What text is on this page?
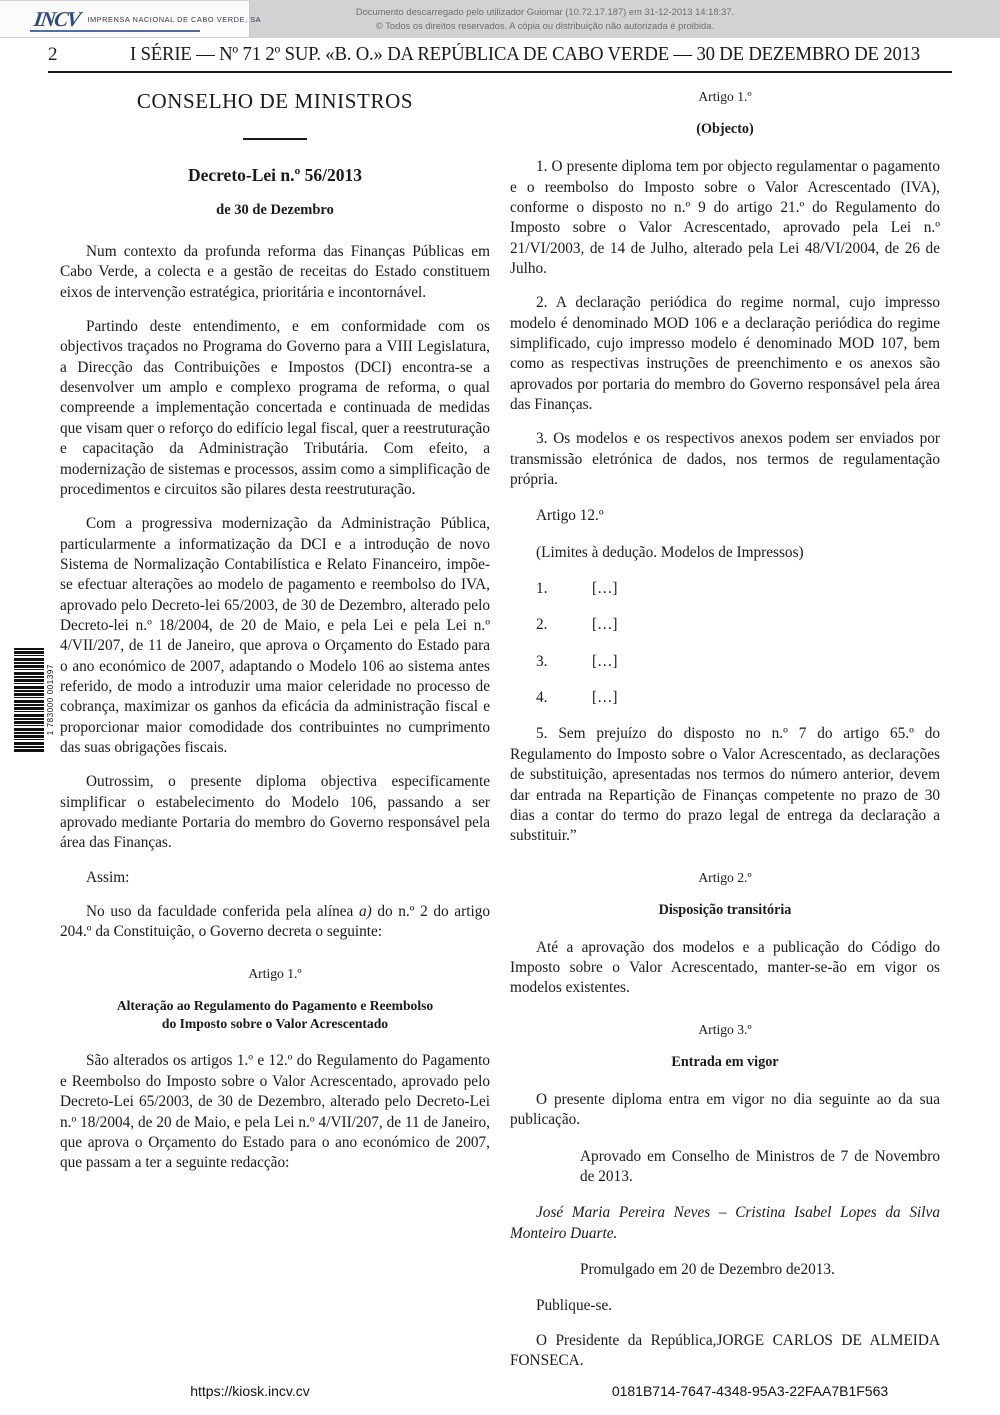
INCV IMPRENSA NACIONAL DE CABO VERDE, SA
Documento descarregado pelo utilizador Guiomar (10.72.17.187) em 31-12-2013 14:18:37.
© Todos os direitos reservados. A cópia ou distribuição não autorizada é proibida.
2	I SÉRIE — Nº 71 2º SUP. «B. O.» DA REPÚBLICA DE CABO VERDE — 30 DE DEZEMBRO DE 2013
1 783000 001397
CONSELHO DE MINISTROS
Decreto-Lei n.º 56/2013
de 30 de Dezembro

Num contexto da profunda reforma das Finanças Públicas em Cabo Verde, a colecta e a gestão de receitas do Estado constituem eixos de intervenção estratégica, prioritária e incontornável.

Partindo deste entendimento, e em conformidade com os objectivos traçados no Programa do Governo para a VIII Legislatura, a Direcção das Contribuições e Impostos (DCI) encontra-se a desenvolver um amplo e complexo programa de reforma, o qual compreende a implementação concertada e continuada de medidas que visam quer o reforço do edifício legal fiscal, quer a reestruturação e capacitação da Administração Tributária. Com efeito, a modernização de sistemas e processos, assim como a simplificação de procedimentos e circuitos são pilares desta reestruturação.

Com a progressiva modernização da Administração Pública, particularmente a informatização da DCI e a introdução de novo Sistema de Normalização Contabilística e Relato Financeiro, impõe-se efectuar alterações ao modelo de pagamento e reembolso do IVA, aprovado pelo Decreto-lei 65/2003, de 30 de Dezembro, alterado pelo Decreto-lei n.º 18/2004, de 20 de Maio, e pela Lei e pela Lei n.º 4/VII/207, de 11 de Janeiro, que aprova o Orçamento do Estado para o ano económico de 2007, adaptando o Modelo 106 ao sistema antes referido, de modo a introduzir uma maior celeridade no processo de cobrança, maximizar os ganhos da eficácia da administração fiscal e proporcionar maior comodidade dos contribuintes no cumprimento das suas obrigações fiscais.

Outrossim, o presente diploma objectiva especificamente simplificar o estabelecimento do Modelo 106, passando a ser aprovado mediante Portaria do membro do Governo responsável pela área das Finanças.

Assim:

No uso da faculdade conferida pela alínea a) do n.º 2 do artigo 204.º da Constituição, o Governo decreta o seguinte:

Artigo 1.º

Alteração ao Regulamento do Pagamento e Reembolso
do Imposto sobre o Valor Acrescentado

São alterados os artigos 1.º e 12.º do Regulamento do Pagamento e Reembolso do Imposto sobre o Valor Acrescentado, aprovado pelo Decreto-Lei 65/2003, de 30 de Dezembro, alterado pelo Decreto-Lei n.º 18/2004, de 20 de Maio, e pela Lei n.º 4/VII/207, de 11 de Janeiro, que aprova o Orçamento do Estado para o ano económico de 2007, que passam a ter a seguinte redacção:

Artigo 1.º

(Objecto)

1. O presente diploma tem por objecto regulamentar o pagamento e o reembolso do Imposto sobre o Valor Acrescentado (IVA), conforme o disposto no n.º 9 do artigo 21.º do Regulamento do Imposto sobre o Valor Acrescentado, aprovado pela Lei n.º 21/VI/2003, de 14 de Julho, alterado pela Lei 48/VI/2004, de 26 de Julho.

2. A declaração periódica do regime normal, cujo impresso modelo é denominado MOD 106 e a declaração periódica do regime simplificado, cujo impresso modelo é denominado MOD 107, bem como as respectivas instruções de preenchimento e os anexos são aprovados por portaria do membro do Governo responsável pela área das Finanças.

3. Os modelos e os respectivos anexos podem ser enviados por transmissão eletrónica de dados, nos termos de regulamentação própria.

Artigo 12.º

(Limites à dedução. Modelos de Impressos)

1.	[…]
2.	[…]
3.	[…]
4.	[…]

5. Sem prejuízo do disposto no n.º 7 do artigo 65.º do Regulamento do Imposto sobre o Valor Acrescentado, as declarações de substituição, apresentadas nos termos do número anterior, devem dar entrada na Repartição de Finanças competente no prazo de 30 dias a contar do termo do prazo legal de entrega da declaração a substituir.”

Artigo 2.º

Disposição transitória

Até a aprovação dos modelos e a publicação do Código do Imposto sobre o Valor Acrescentado, manter-se-ão em vigor os modelos existentes.

Artigo 3.º

Entrada em vigor

O presente diploma entra em vigor no dia seguinte ao da sua publicação.

Aprovado em Conselho de Ministros de 7 de Novembro de 2013.

José Maria Pereira Neves – Cristina Isabel Lopes da Silva Monteiro Duarte.

Promulgado em 20 de Dezembro de2013.

Publique-se.

O Presidente da República,JORGE CARLOS DE ALMEIDA FONSECA.

https://kiosk.incv.cv	0181B714-7647-4348-95A3-22FAA7B1F563
